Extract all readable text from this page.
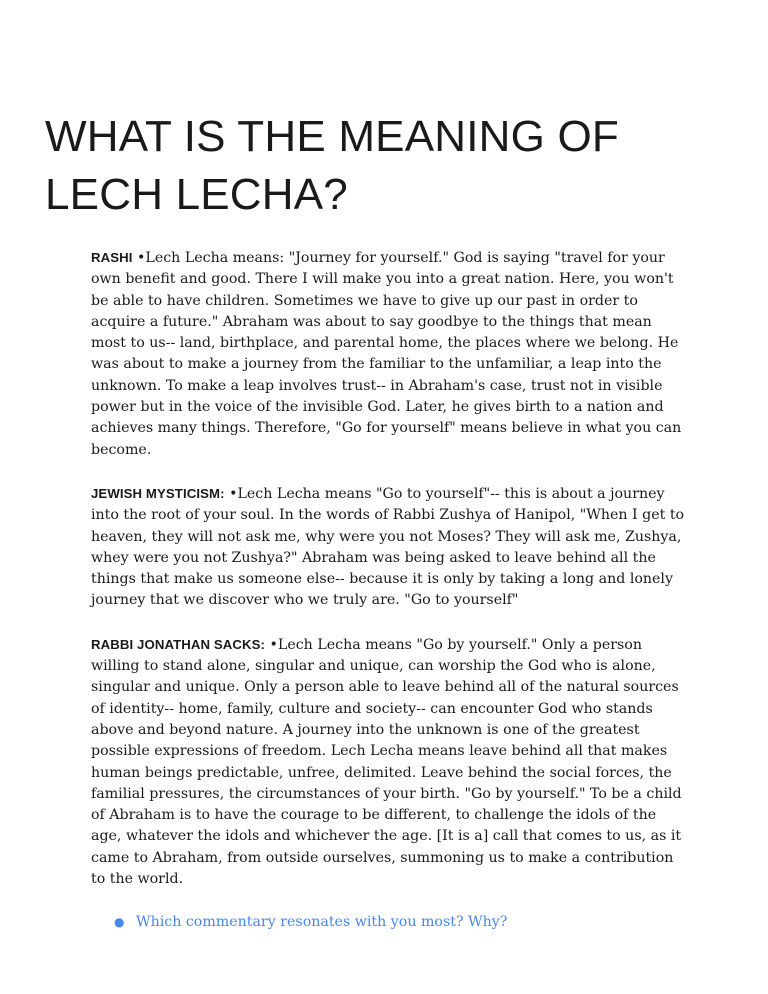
WHAT IS THE MEANING OF LECH LECHA?

RASHI •Lech Lecha means: "Journey for yourself." God is saying "travel for your own benefit and good. There I will make you into a great nation. Here, you won't be able to have children. Sometimes we have to give up our past in order to acquire a future." Abraham was about to say goodbye to the things that mean most to us-- land, birthplace, and parental home, the places where we belong. He was about to make a journey from the familiar to the unfamiliar, a leap into the unknown. To make a leap involves trust-- in Abraham's case, trust not in visible power but in the voice of the invisible God. Later, he gives birth to a nation and achieves many things. Therefore, "Go for yourself" means believe in what you can become.

JEWISH MYSTICISM: •Lech Lecha means "Go to yourself"-- this is about a journey into the root of your soul. In the words of Rabbi Zushya of Hanipol, "When I get to heaven, they will not ask me, why were you not Moses? They will ask me, Zushya, whey were you not Zushya?" Abraham was being asked to leave behind all the things that make us someone else-- because it is only by taking a long and lonely journey that we discover who we truly are. "Go to yourself"

RABBI JONATHAN SACKS: •Lech Lecha means "Go by yourself." Only a person willing to stand alone, singular and unique, can worship the God who is alone, singular and unique. Only a person able to leave behind all of the natural sources of identity-- home, family, culture and society-- can encounter God who stands above and beyond nature. A journey into the unknown is one of the greatest possible expressions of freedom. Lech Lecha means leave behind all that makes human beings predictable, unfree, delimited. Leave behind the social forces, the familial pressures, the circumstances of your birth. "Go by yourself." To be a child of Abraham is to have the courage to be different, to challenge the idols of the age, whatever the idols and whichever the age. [It is a] call that comes to us, as it came to Abraham, from outside ourselves, summoning us to make a contribution to the world.

● Which commentary resonates with you most? Why?
